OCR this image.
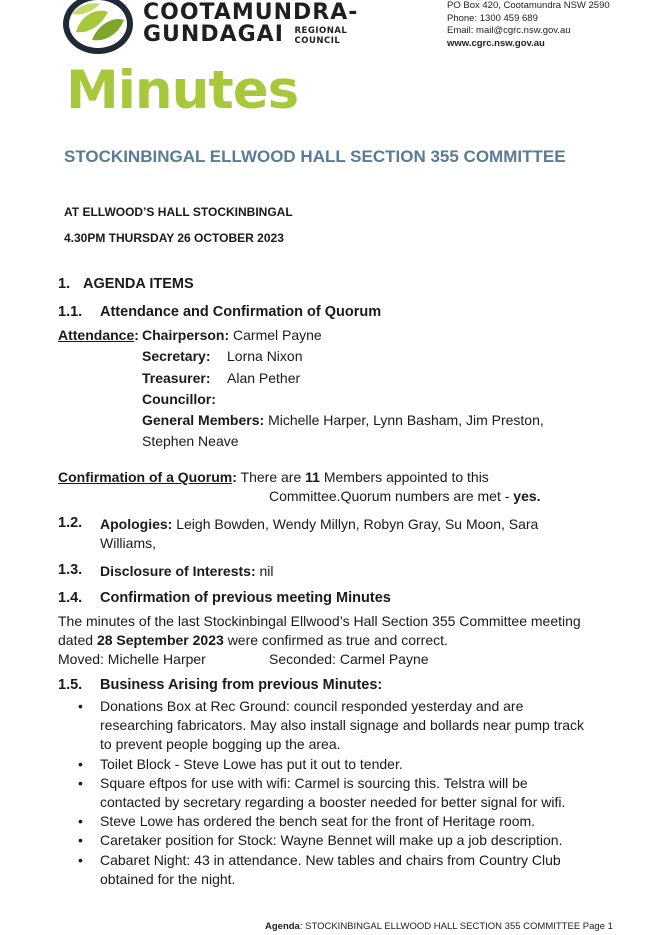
COOTAMUNDRA-
GUNDAGAI REGIONAL
COUNCIL
PO Box 420, Cootamundra NSW 2590
Phone: 1300 459 689
Email: mail@cgrc.nsw.gov.au
www.cgrc.nsw.gov.au
Minutes
STOCKINBINGAL ELLWOOD HALL SECTION 355 COMMITTEE
AT ELLWOOD’S HALL STOCKINBINGAL
4.30PM THURSDAY 26 OCTOBER 2023
1. AGENDA ITEMS
1.1. Attendance and Confirmation of Quorum
Attendance: Chairperson: Carmel Payne
Secretary: Lorna Nixon
Treasurer: Alan Pether
Councillor:
General Members: Michelle Harper, Lynn Basham, Jim Preston,
Stephen Neave
Confirmation of a Quorum: There are 11 Members appointed to this
Committee.Quorum numbers are met - yes.
1.2. Apologies: Leigh Bowden, Wendy Millyn, Robyn Gray, Su Moon, Sara
Williams,
1.3. Disclosure of Interests: nil
1.4. Confirmation of previous meeting Minutes
The minutes of the last Stockinbingal Ellwood’s Hall Section 355 Committee meeting
dated 28 September 2023 were confirmed as true and correct.
Moved: Michelle Harper	Seconded: Carmel Payne
1.5. Business Arising from previous Minutes:
• Donations Box at Rec Ground: council responded yesterday and are
researching fabricators. May also install signage and bollards near pump track
to prevent people bogging up the area.
• Toilet Block - Steve Lowe has put it out to tender.
• Square eftpos for use with wifi: Carmel is sourcing this. Telstra will be
contacted by secretary regarding a booster needed for better signal for wifi.
• Steve Lowe has ordered the bench seat for the front of Heritage room.
• Caretaker position for Stock: Wayne Bennet will make up a job description.
• Cabaret Night: 43 in attendance. New tables and chairs from Country Club
obtained for the night.
Agenda: STOCKINBINGAL ELLWOOD HALL SECTION 355 COMMITTEE Page 1
